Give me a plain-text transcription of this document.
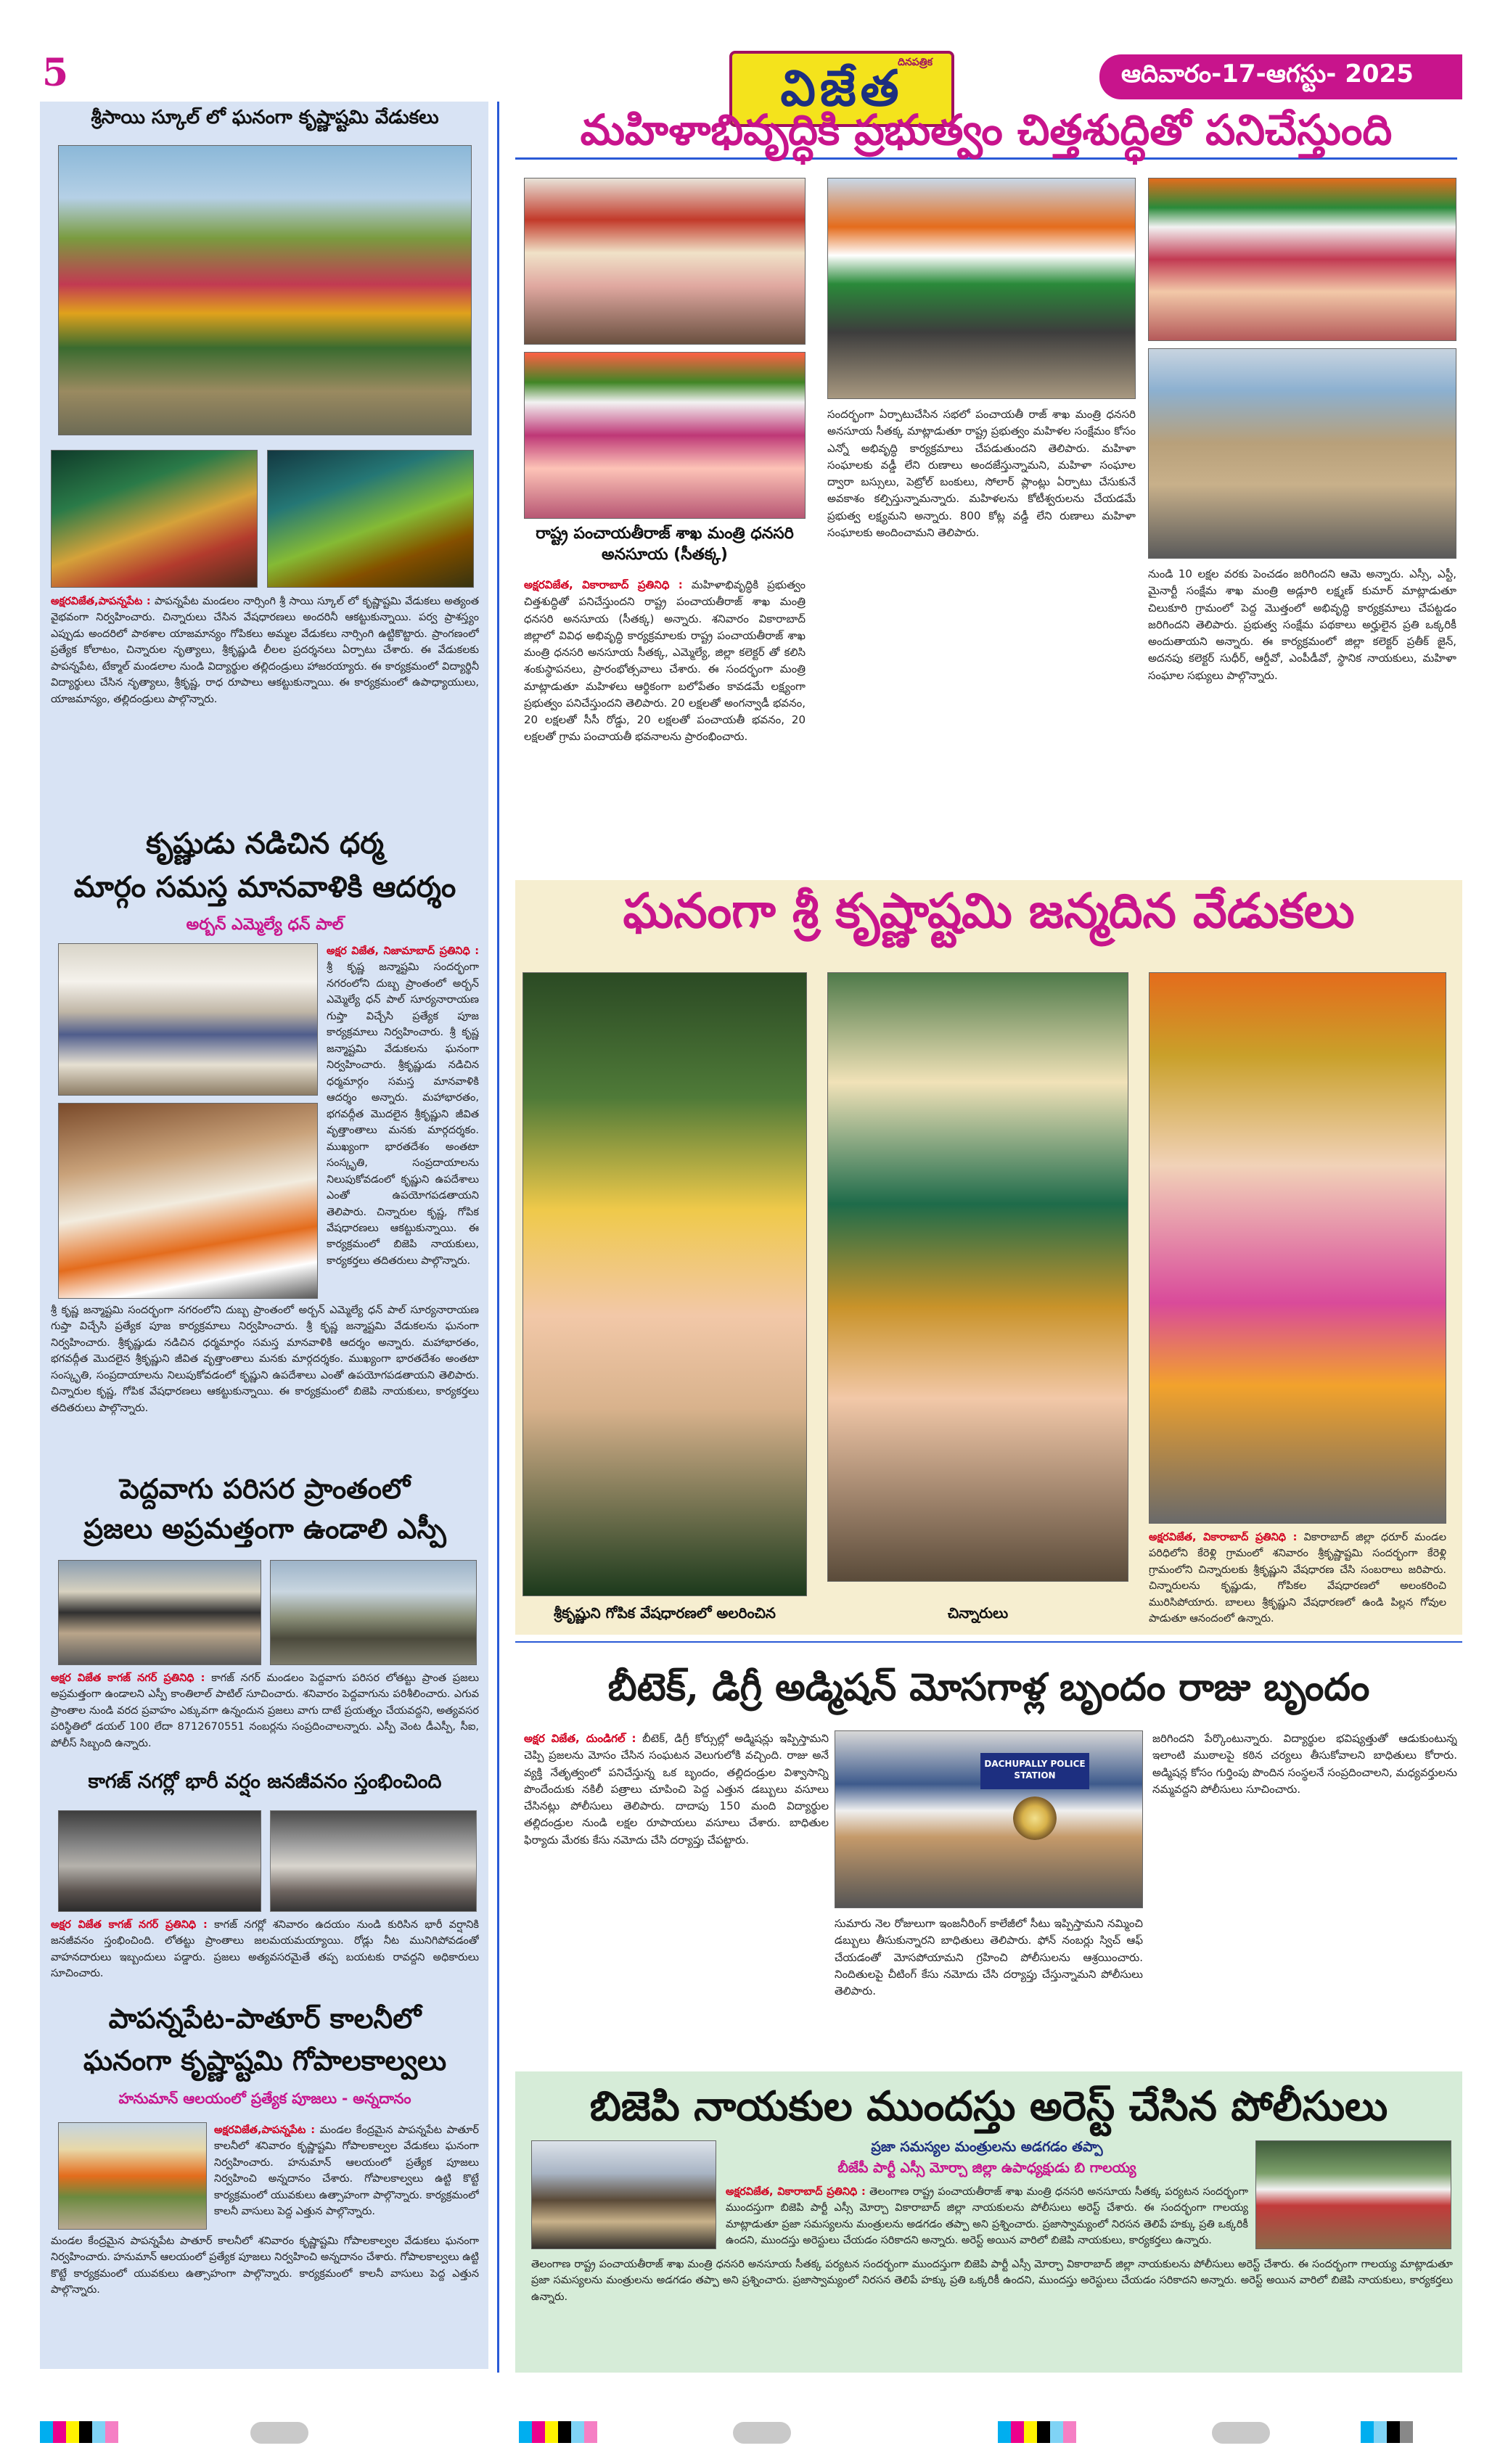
5	దినపత్రిక
విజేత	ఆదివారం-17-ఆగస్టు- 2025
శ్రీసాయి స్కూల్ లో ఘనంగా కృష్ణాష్టమి వేడుకలు
అక్షరవిజేత,పాపన్నపేట : పాపన్నపేట మండలం నార్సింగి శ్రీ సాయి స్కూల్ లో కృష్ణాష్టమి వేడుకలు అత్యంత వైభవంగా నిర్వహించారు. చిన్నారులు చేసిన వేషధారణలు అందరినీ ఆకట్టుకున్నాయి. పర్వ ప్రాశస్త్యం ఎప్పుడు అందరిలో పాఠశాల యాజమాన్యం గోపికలు అమ్మల వేడుకలు నార్సింగి ఉట్టికొట్టారు. ప్రాంగణంలో ప్రత్యేక కోలాటం, చిన్నారుల నృత్యాలు, శ్రీకృష్ణుడి లీలల ప్రదర్శనలు ఏర్పాటు చేశారు. ఈ వేడుకలకు పాపన్నపేట, టేక్మాల్ మండలాల నుండి విద్యార్థుల తల్లిదండ్రులు హాజరయ్యారు. ఈ కార్యక్రమంలో విద్యార్థినీ విద్యార్థులు చేసిన నృత్యాలు, శ్రీకృష్ణ, రాధ రూపాలు ఆకట్టుకున్నాయి. ఈ కార్యక్రమంలో ఉపాధ్యాయులు, యాజమాన్యం, తల్లిదండ్రులు పాల్గొన్నారు.
కృష్ణుడు నడిచిన ధర్మ
మార్గం సమస్త మానవాళికి ఆదర్శం
అర్బన్ ఎమ్మెల్యే ధన్ పాల్
అక్షర విజేత, నిజామాబాద్ ప్రతినిధి : శ్రీ కృష్ణ జన్మాష్టమి సందర్భంగా నగరంలోని దుబ్బ ప్రాంతంలో అర్బన్ ఎమ్మెల్యే ధన్ పాల్ సూర్యనారాయణ గుప్తా విచ్చేసి ప్రత్యేక పూజ కార్యక్రమాలు నిర్వహించారు. శ్రీ కృష్ణ జన్మాష్టమి వేడుకలను ఘనంగా నిర్వహించారు. శ్రీకృష్ణుడు నడిచిన ధర్మమార్గం సమస్త మానవాళికి ఆదర్శం అన్నారు. మహాభారతం, భగవద్గీత మొదలైన శ్రీకృష్ణుని జీవిత వృత్తాంతాలు మనకు మార్గదర్శకం. ముఖ్యంగా భారతదేశం అంతటా సంస్కృతి, సంప్రదాయాలను నిలుపుకోవడంలో కృష్ణుని ఉపదేశాలు ఎంతో ఉపయోగపడతాయని తెలిపారు. చిన్నారుల కృష్ణ, గోపిక వేషధారణలు ఆకట్టుకున్నాయి. ఈ కార్యక్రమంలో బిజెపి నాయకులు, కార్యకర్తలు తదితరులు పాల్గొన్నారు.
శ్రీ కృష్ణ జన్మాష్టమి సందర్భంగా నగరంలోని దుబ్బ ప్రాంతంలో అర్బన్ ఎమ్మెల్యే ధన్ పాల్ సూర్యనారాయణ గుప్తా విచ్చేసి ప్రత్యేక పూజ కార్యక్రమాలు నిర్వహించారు. శ్రీ కృష్ణ జన్మాష్టమి వేడుకలను ఘనంగా నిర్వహించారు. శ్రీకృష్ణుడు నడిచిన ధర్మమార్గం సమస్త మానవాళికి ఆదర్శం అన్నారు. మహాభారతం, భగవద్గీత మొదలైన శ్రీకృష్ణుని జీవిత వృత్తాంతాలు మనకు మార్గదర్శకం. ముఖ్యంగా భారతదేశం అంతటా సంస్కృతి, సంప్రదాయాలను నిలుపుకోవడంలో కృష్ణుని ఉపదేశాలు ఎంతో ఉపయోగపడతాయని తెలిపారు. చిన్నారుల కృష్ణ, గోపిక వేషధారణలు ఆకట్టుకున్నాయి. ఈ కార్యక్రమంలో బిజెపి నాయకులు, కార్యకర్తలు తదితరులు పాల్గొన్నారు.
పెద్దవాగు పరిసర ప్రాంతంలో
ప్రజలు అప్రమత్తంగా ఉండాలి ఎస్పీ
అక్షర విజేత కాగజ్ నగర్ ప్రతినిధి : కాగజ్ నగర్ మండలం పెద్దవాగు పరిసర లోతట్టు ప్రాంత ప్రజలు అప్రమత్తంగా ఉండాలని ఎస్పీ కాంతిలాల్ పాటిల్ సూచించారు. శనివారం పెద్దవాగును పరిశీలించారు. ఎగువ ప్రాంతాల నుండి వరద ప్రవాహం ఎక్కువగా ఉన్నందున ప్రజలు వాగు దాటే ప్రయత్నం చేయవద్దని, అత్యవసర పరిస్థితిలో డయల్ 100 లేదా 8712670551 నంబర్లను సంప్రదించాలన్నారు. ఎస్పీ వెంట డీఎస్పీ, సీఐ, పోలీస్ సిబ్బంది ఉన్నారు.
కాగజ్ నగర్లో భారీ వర్షం జనజీవనం స్తంభించింది
అక్షర విజేత కాగజ్ నగర్ ప్రతినిధి : కాగజ్ నగర్లో శనివారం ఉదయం నుండి కురిసిన భారీ వర్షానికి జనజీవనం స్తంభించింది. లోతట్టు ప్రాంతాలు జలమయమయ్యాయి. రోడ్లు నీట మునిగిపోవడంతో వాహనదారులు ఇబ్బందులు పడ్డారు. ప్రజలు అత్యవసరమైతే తప్ప బయటకు రావద్దని అధికారులు సూచించారు.
పాపన్నపేట-పాతూర్ కాలనీలో
ఘనంగా కృష్ణాష్టమి గోపాలకాల్వలు
హనుమాన్ ఆలయంలో ప్రత్యేక పూజలు - అన్నదానం
అక్షరవిజేత,పాపన్నపేట : మండల కేంద్రమైన పాపన్నపేట పాతూర్ కాలనీలో శనివారం కృష్ణాష్టమి గోపాలకాల్వల వేడుకలు ఘనంగా నిర్వహించారు. హనుమాన్ ఆలయంలో ప్రత్యేక పూజలు నిర్వహించి అన్నదానం చేశారు. గోపాలకాల్వలు ఉట్టి కొట్టే కార్యక్రమంలో యువకులు ఉత్సాహంగా పాల్గొన్నారు. కార్యక్రమంలో కాలనీ వాసులు పెద్ద ఎత్తున పాల్గొన్నారు.
మండల కేంద్రమైన పాపన్నపేట పాతూర్ కాలనీలో శనివారం కృష్ణాష్టమి గోపాలకాల్వల వేడుకలు ఘనంగా నిర్వహించారు. హనుమాన్ ఆలయంలో ప్రత్యేక పూజలు నిర్వహించి అన్నదానం చేశారు. గోపాలకాల్వలు ఉట్టి కొట్టే కార్యక్రమంలో యువకులు ఉత్సాహంగా పాల్గొన్నారు. కార్యక్రమంలో కాలనీ వాసులు పెద్ద ఎత్తున పాల్గొన్నారు.
మహిళాభివృద్ధికి ప్రభుత్వం చిత్తశుద్ధితో పనిచేస్తుంది
రాష్ట్ర పంచాయతీరాజ్ శాఖ మంత్రి ధనసరి
అనసూయ (సీతక్క)
అక్షరవిజేత, వికారాబాద్ ప్రతినిధి : మహిళాభివృద్ధికి ప్రభుత్వం చిత్తశుద్ధితో పనిచేస్తుందని రాష్ట్ర పంచాయతీరాజ్ శాఖ మంత్రి ధనసరి అనసూయ (సీతక్క) అన్నారు. శనివారం వికారాబాద్ జిల్లాలో వివిధ అభివృద్ధి కార్యక్రమాలకు రాష్ట్ర పంచాయతీరాజ్ శాఖ మంత్రి ధనసరి అనసూయ సీతక్క, ఎమ్మెల్యే, జిల్లా కలెక్టర్ తో కలిసి శంకుస్థాపనలు, ప్రారంభోత్సవాలు చేశారు. ఈ సందర్భంగా మంత్రి మాట్లాడుతూ మహిళలు ఆర్థికంగా బలోపేతం కావడమే లక్ష్యంగా ప్రభుత్వం పనిచేస్తుందని తెలిపారు. 20 లక్షలతో అంగన్వాడీ భవనం, 20 లక్షలతో సీసీ రోడ్డు, 20 లక్షలతో పంచాయతీ భవనం, 20 లక్షలతో గ్రామ పంచాయతీ భవనాలను ప్రారంభించారు.
సందర్భంగా ఏర్పాటుచేసిన సభలో పంచాయతీ రాజ్ శాఖ మంత్రి ధనసరి అనసూయ సీతక్క మాట్లాడుతూ రాష్ట్ర ప్రభుత్వం మహిళల సంక్షేమం కోసం ఎన్నో అభివృద్ధి కార్యక్రమాలు చేపడుతుందని తెలిపారు. మహిళా సంఘాలకు వడ్డీ లేని రుణాలు అందజేస్తున్నామని, మహిళా సంఘాల ద్వారా బస్సులు, పెట్రోల్ బంకులు, సోలార్ ప్లాంట్లు ఏర్పాటు చేసుకునే అవకాశం కల్పిస్తున్నామన్నారు. మహిళలను కోటీశ్వరులను చేయడమే ప్రభుత్వ లక్ష్యమని అన్నారు. 800 కోట్ల వడ్డీ లేని రుణాలు మహిళా సంఘాలకు అందించామని తెలిపారు.
నుండి 10 లక్షల వరకు పెంచడం జరిగిందని ఆమె అన్నారు. ఎస్సీ, ఎస్టీ, మైనార్టీ సంక్షేమ శాఖ మంత్రి అడ్లూరి లక్ష్మణ్ కుమార్ మాట్లాడుతూ చిలుకూరి గ్రామంలో పెద్ద మొత్తంలో అభివృద్ధి కార్యక్రమాలు చేపట్టడం జరిగిందని తెలిపారు. ప్రభుత్వ సంక్షేమ పథకాలు అర్హులైన ప్రతి ఒక్కరికీ అందుతాయని అన్నారు. ఈ కార్యక్రమంలో జిల్లా కలెక్టర్ ప్రతీక్ జైన్, అదనపు కలెక్టర్ సుధీర్, ఆర్డీవో, ఎంపీడీవో, స్థానిక నాయకులు, మహిళా సంఘాల సభ్యులు పాల్గొన్నారు.
ఘనంగా శ్రీ కృష్ణాష్టమి జన్మదిన వేడుకలు
శ్రీకృష్ణుని గోపిక వేషధారణలో అలరించిన	చిన్నారులు
అక్షరవిజేత, వికారాబాద్ ప్రతినిధి : వికారాబాద్ జిల్లా ధరూర్ మండల పరిధిలోని కేరెళ్లి గ్రామంలో శనివారం శ్రీకృష్ణాష్టమి సందర్భంగా కేరెళ్లి గ్రామంలోని చిన్నారులకు శ్రీకృష్ణుని వేషధారణ చేసి సంబరాలు జరిపారు. చిన్నారులను కృష్ణుడు, గోపికల వేషధారణలో అలంకరించి మురిసిపోయారు. బాలలు శ్రీకృష్ణుని వేషధారణలో ఉండి పిల్లన గోవుల పాడుతూ ఆనందంలో ఉన్నారు.
బీటెక్, డిగ్రీ అడ్మిషన్ మోసగాళ్ల బృందం రాజు బృందం
అక్షర విజేత, దుండిగల్ : బీటెక్, డిగ్రీ కోర్సుల్లో అడ్మిషన్లు ఇప్పిస్తామని చెప్పి ప్రజలను మోసం చేసిన సంఘటన వెలుగులోకి వచ్చింది. రాజు అనే వ్యక్తి నేతృత్వంలో పనిచేస్తున్న ఒక బృందం, తల్లిదండ్రుల విశ్వాసాన్ని పొందేందుకు నకిలీ పత్రాలు చూపించి పెద్ద ఎత్తున డబ్బులు వసూలు చేసినట్లు పోలీసులు తెలిపారు. దాదాపు 150 మంది విద్యార్థుల తల్లిదండ్రుల నుండి లక్షల రూపాయలు వసూలు చేశారు. బాధితుల ఫిర్యాదు మేరకు కేసు నమోదు చేసి దర్యాప్తు చేపట్టారు.
DACHUPALLY POLICE STATION
సుమారు నెల రోజులుగా ఇంజనీరింగ్ కాలేజీలో సీటు ఇప్పిస్తామని నమ్మించి డబ్బులు తీసుకున్నారని బాధితులు తెలిపారు. ఫోన్ నంబర్లు స్విచ్ ఆఫ్ చేయడంతో మోసపోయామని గ్రహించి పోలీసులను ఆశ్రయించారు. నిందితులపై చీటింగ్ కేసు నమోదు చేసి దర్యాప్తు చేస్తున్నామని పోలీసులు తెలిపారు.
జరిగిందని పేర్కొంటున్నారు. విద్యార్థుల భవిష్యత్తుతో ఆడుకుంటున్న ఇలాంటి ముఠాలపై కఠిన చర్యలు తీసుకోవాలని బాధితులు కోరారు. అడ్మిషన్ల కోసం గుర్తింపు పొందిన సంస్థలనే సంప్రదించాలని, మధ్యవర్తులను నమ్మవద్దని పోలీసులు సూచించారు.
బిజెపి నాయకుల ముందస్తు అరెస్ట్ చేసిన పోలీసులు
ప్రజా సమస్యల మంత్రులను అడగడం తప్పా
బీజేపీ పార్టీ ఎస్సీ మోర్చా జిల్లా ఉపాధ్యక్షుడు బి గాలయ్య
అక్షరవిజేత, వికారాబాద్ ప్రతినిధి : తెలంగాణ రాష్ట్ర పంచాయతీరాజ్ శాఖ మంత్రి ధనసరి అనసూయ సీతక్క పర్యటన సందర్భంగా ముందస్తుగా బిజెపి పార్టీ ఎస్సీ మోర్చా వికారాబాద్ జిల్లా నాయకులను పోలీసులు అరెస్ట్ చేశారు. ఈ సందర్భంగా గాలయ్య మాట్లాడుతూ ప్రజా సమస్యలను మంత్రులను అడగడం తప్పా అని ప్రశ్నించారు. ప్రజాస్వామ్యంలో నిరసన తెలిపే హక్కు ప్రతి ఒక్కరికీ ఉందని, ముందస్తు అరెస్టులు చేయడం సరికాదని అన్నారు. అరెస్ట్ అయిన వారిలో బిజెపి నాయకులు, కార్యకర్తలు ఉన్నారు.
తెలంగాణ రాష్ట్ర పంచాయతీరాజ్ శాఖ మంత్రి ధనసరి అనసూయ సీతక్క పర్యటన సందర్భంగా ముందస్తుగా బిజెపి పార్టీ ఎస్సీ మోర్చా వికారాబాద్ జిల్లా నాయకులను పోలీసులు అరెస్ట్ చేశారు. ఈ సందర్భంగా గాలయ్య మాట్లాడుతూ ప్రజా సమస్యలను మంత్రులను అడగడం తప్పా అని ప్రశ్నించారు. ప్రజాస్వామ్యంలో నిరసన తెలిపే హక్కు ప్రతి ఒక్కరికీ ఉందని, ముందస్తు అరెస్టులు చేయడం సరికాదని అన్నారు. అరెస్ట్ అయిన వారిలో బిజెపి నాయకులు, కార్యకర్తలు ఉన్నారు.
